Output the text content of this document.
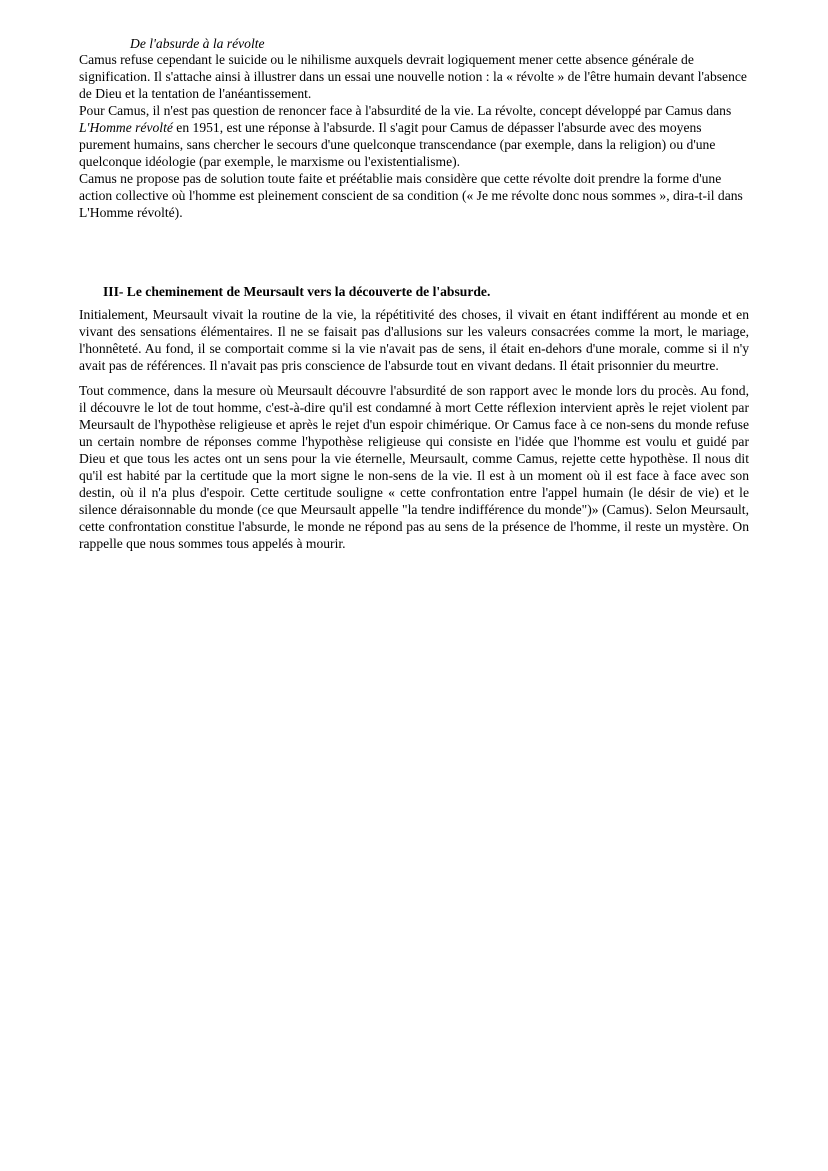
De l'absurde à la révolte

Camus refuse cependant le suicide ou le nihilisme auxquels devrait logiquement mener cette absence générale de signification. Il s'attache ainsi à illustrer dans un essai une nouvelle notion : la « révolte » de l'être humain devant l'absence de Dieu et la tentation de l'anéantissement.

Pour Camus, il n'est pas question de renoncer face à l'absurdité de la vie. La révolte, concept développé par Camus dans L'Homme révolté en 1951, est une réponse à l'absurde. Il s'agit pour Camus de dépasser l'absurde avec des moyens purement humains, sans chercher le secours d'une quelconque transcendance (par exemple, dans la religion) ou d'une quelconque idéologie (par exemple, le marxisme ou l'existentialisme).

Camus ne propose pas de solution toute faite et préétablie mais considère que cette révolte doit prendre la forme d'une action collective où l'homme est pleinement conscient de sa condition (« Je me révolte donc nous sommes », dira-t-il dans L'Homme révolté).

III- Le cheminement de Meursault vers la découverte de l'absurde.

Initialement, Meursault vivait la routine de la vie, la répétitivité des choses, il vivait en étant indifférent au monde et en vivant des sensations élémentaires. Il ne se faisait pas d'allusions sur les valeurs consacrées comme la mort, le mariage, l'honnêteté. Au fond, il se comportait comme si la vie n'avait pas de sens, il était en-dehors d'une morale, comme si il n'y avait pas de références. Il n'avait pas pris conscience de l'absurde tout en vivant dedans. Il était prisonnier du meurtre.

Tout commence, dans la mesure où Meursault découvre l'absurdité de son rapport avec le monde lors du procès. Au fond, il découvre le lot de tout homme, c'est-à-dire qu'il est condamné à mort Cette réflexion intervient après le rejet violent par Meursault de l'hypothèse religieuse et après le rejet d'un espoir chimérique. Or Camus face à ce non-sens du monde refuse un certain nombre de réponses comme l'hypothèse religieuse qui consiste en l'idée que l'homme est voulu et guidé par Dieu et que tous les actes ont un sens pour la vie éternelle, Meursault, comme Camus, rejette cette hypothèse. Il nous dit qu'il est habité par la certitude que la mort signe le non-sens de la vie. Il est à un moment où il est face à face avec son destin, où il n'a plus d'espoir. Cette certitude souligne « cette confrontation entre l'appel humain (le désir de vie) et le silence déraisonnable du monde (ce que Meursault appelle "la tendre indifférence du monde")» (Camus). Selon Meursault, cette confrontation constitue l'absurde, le monde ne répond pas au sens de la présence de l'homme, il reste un mystère. On rappelle que nous sommes tous appelés à mourir.
